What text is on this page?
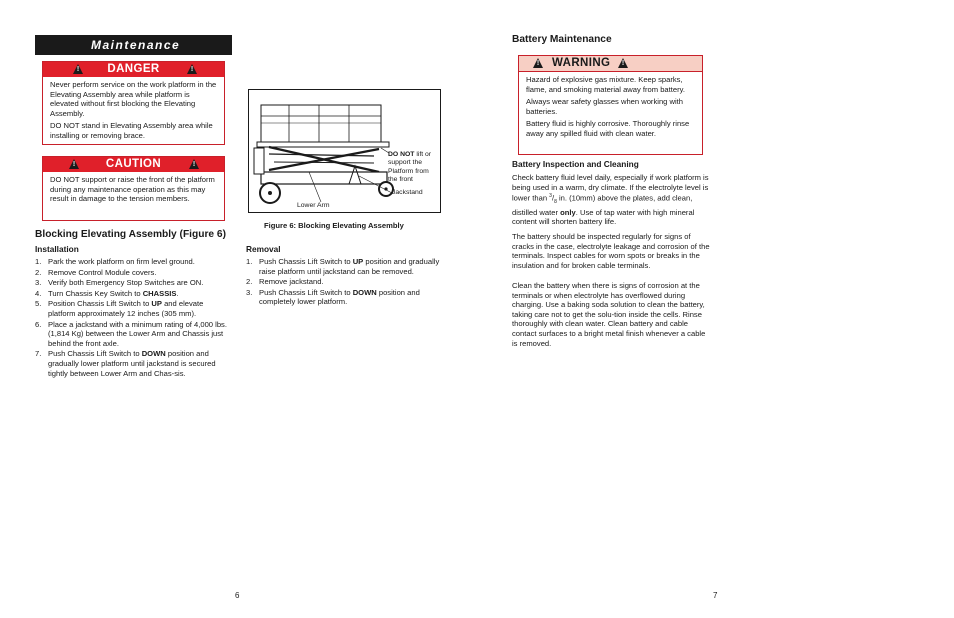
Maintenance
!	DANGER	!

Never perform service on the work platform in the Elevating Assembly area while platform is elevated without first blocking the Elevating Assembly.

DO NOT stand in Elevating Assembly area while installing or removing brace.

!	CAUTION	!

DO NOT support or raise the front of the platform during any maintenance operation as this may result in damage to the tension members.

Blocking Elevating Assembly (Figure 6)
Installation
1. Park the work platform on firm level ground.
2. Remove Control Module covers.
3. Verify both Emergency Stop Switches are ON.
4. Turn Chassis Key Switch to CHASSIS.
5. Position Chassis Lift Switch to UP and elevate platform approximately 12 inches (305 mm).
6. Place a jackstand with a minimum rating of 4,000 lbs. (1,814 Kg) between the Lower Arm and Chassis just behind the front axle.
7. Push Chassis Lift Switch to DOWN position and gradually lower platform until jackstand is secured tightly between Lower Arm and Chas-sis.
DO NOT lift or support the Platform from the front
Jackstand
Lower Arm
Figure 6: Blocking Elevating Assembly
Removal
1. Push Chassis Lift Switch to UP position and gradually raise platform until jackstand can be removed.
2. Remove jackstand.
3. Push Chassis Lift Switch to DOWN position and completely lower platform.
6
Battery Maintenance
! WARNING	!

Hazard of explosive gas mixture. Keep sparks, flame, and smoking material away from battery.

Always wear safety glasses when working with batteries.

Battery fluid is highly corrosive. Thoroughly rinse away any spilled fluid with clean water.

Battery Inspection and Cleaning
Check battery fluid level daily, especially if work platform is being used in a warm, dry climate. If the electrolyte level is lower than $^3/_8$ in. (10mm) above the plates, add clean, distilled water only. Use of tap water with high mineral content will shorten battery life.
The battery should be inspected regularly for signs of cracks in the case, electrolyte leakage and corrosion of the terminals. Inspect cables for worn spots or breaks in the insulation and for broken cable terminals.
Clean the battery when there is signs of corrosion at the terminals or when electrolyte has overflowed during charging. Use a baking soda solution to clean the battery, taking care not to get the solu-tion inside the cells. Rinse thoroughly with clean water. Clean battery and cable contact surfaces to a bright metal finish whenever a cable is removed.
7
